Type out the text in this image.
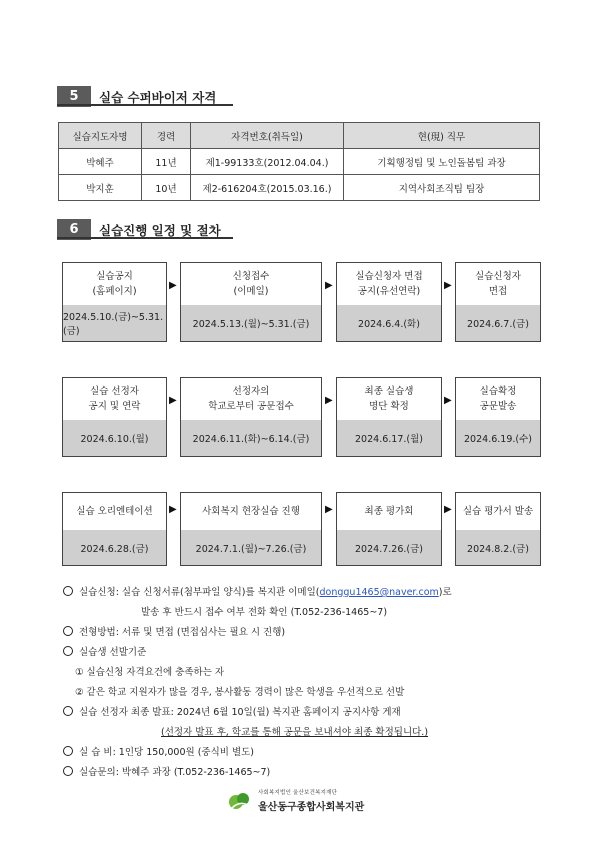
5	실습 수퍼바이저 자격
실습지도자명	경력	자격번호(취득일)	현(現) 직무
박혜주	11년	제1-99133호(2012.04.04.)	기획행정팀 및 노인돌봄팀 과장
박지훈	10년	제2-616204호(2015.03.16.)	지역사회조직팀 팀장
6	실습진행 일정 및 절차
실습공지
(홈페이지)
2024.5.10.(금)~5.31.(금)
▶
신청접수
(이메일)
2024.5.13.(월)~5.31.(금)
▶
실습신청자 면접
공지(유선연락)
2024.6.4.(화)
▶
실습신청자
면접
2024.6.7.(금)
실습 선정자
공지 및 연락
2024.6.10.(월)
▶
선정자의
학교로부터 공문접수
2024.6.11.(화)~6.14.(금)
▶
최종 실습생
명단 확정
2024.6.17.(월)
▶
실습확정
공문발송
2024.6.19.(수)
실습 오리엔테이션
2024.6.28.(금)
▶	사회복지 현장실습 진행
2024.7.1.(월)~7.26.(금)
▶	최종 평가회
2024.7.26.(금)
▶	실습 평가서 발송
2024.8.2.(금)
실습신청: 실습 신청서류(첨부파일 양식)를 복지관 이메일(donggu1465@naver.com)로
발송 후 반드시 접수 여부 전화 확인 (T.052-236-1465~7)
전형방법: 서류 및 면접 (면접심사는 필요 시 진행)
실습생 선발기준
① 실습신청 자격요건에 충족하는 자
② 같은 학교 지원자가 많을 경우, 봉사활동 경력이 많은 학생을 우선적으로 선발
실습 선정자 최종 발표: 2024년 6월 10일(월) 복지관 홈페이지 공지사항 게재
(선정자 발표 후, 학교를 통해 공문을 보내셔야 최종 확정됩니다.)
실 습 비: 1인당 150,000원 (중식비 별도)
실습문의: 박혜주 과장 (T.052-236-1465~7)
사회복지법인 울산보건복지재단
울산동구종합사회복지관
